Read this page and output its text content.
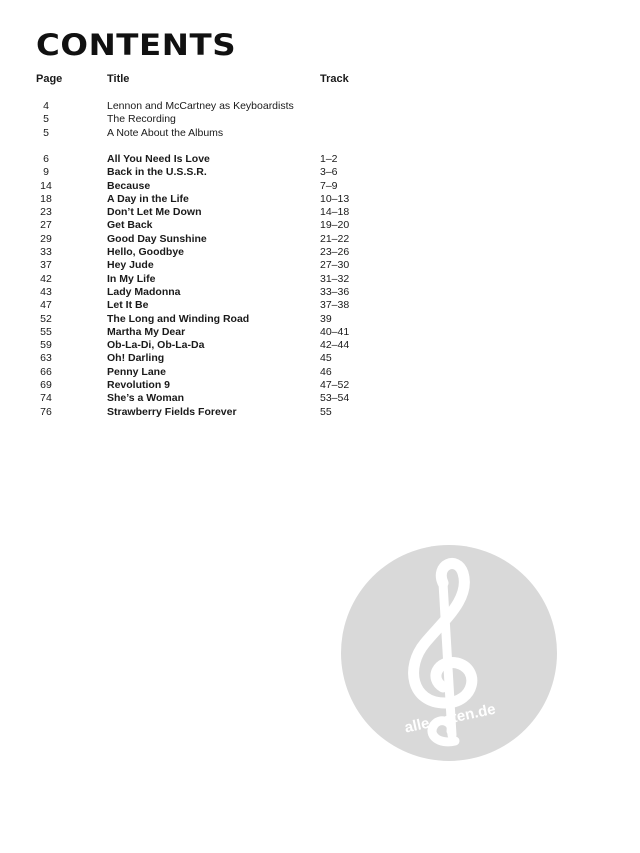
CONTENTS
Page	Title	Track
4	Lennon and McCartney as Keyboardists
5	The Recording
5	A Note About the Albums
6	All You Need Is Love	1–2
9	Back in the U.S.S.R.	3–6
14	Because	7–9
18	A Day in the Life	10–13
23	Don’t Let Me Down	14–18
27	Get Back	19–20
29	Good Day Sunshine	21–22
33	Hello, Goodbye	23–26
37	Hey Jude	27–30
42	In My Life	31–32
43	Lady Madonna	33–36
47	Let It Be	37–38
52	The Long and Winding Road	39
55	Martha My Dear	40–41
59	Ob-La-Di, Ob-La-Da	42–44
63	Oh! Darling	45
66	Penny Lane	46
69	Revolution 9	47–52
74	She’s a Woman	53–54
76	Strawberry Fields Forever	55
alle-noten.de
